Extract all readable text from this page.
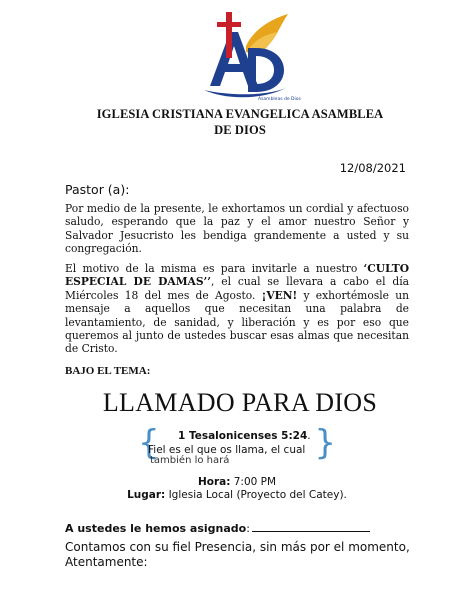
Asambleas de Dios
IGLESIA CRISTIANA EVANGELICA ASAMBLEA
DE DIOS
12/08/2021
Pastor (a):
Por medio de la presente, le exhortamos un cordial y afectuoso saludo, esperando que la paz y el amor nuestro Señor y Salvador Jesucristo les bendiga grandemente a usted y su congregación.
El motivo de la misma es para invitarle a nuestro ‘CULTO ESPECIAL DE DAMAS’’, el cual se llevara a cabo el día Miércoles 18 del mes de Agosto. ¡VEN! y exhortémosle un mensaje a aquellos que necesitan una palabra de levantamiento, de sanidad, y liberación y es por eso que queremos al junto de ustedes buscar esas almas que necesitan de Cristo.
BAJO EL TEMA:
LLAMADO PARA DIOS
{	}
1 Tesalonicenses 5:24.
Fiel es el que os llama, el cual
también lo hará
Hora: 7:00 PM
Lugar: Iglesia Local (Proyecto del Catey).
A ustedes le hemos asignado:
Contamos con su fiel Presencia, sin más por el momento,
Atentamente:
